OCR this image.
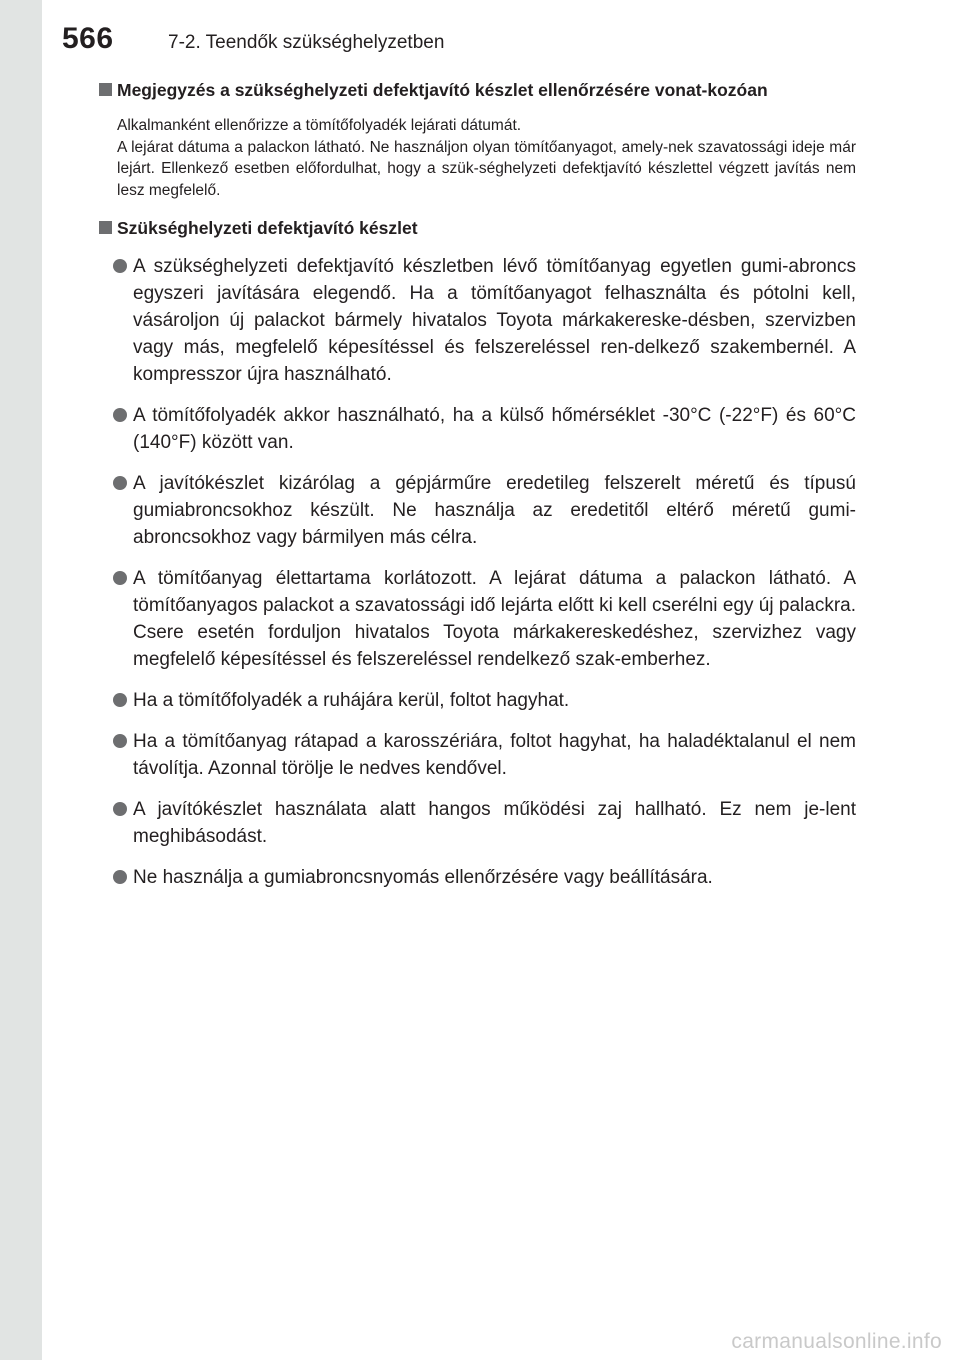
566	7-2. Teendők szükséghelyzetben
Megjegyzés a szükséghelyzeti defektjavító készlet ellenőrzésére vonat-kozóan

Alkalmanként ellenőrizze a tömítőfolyadék lejárati dátumát.

A lejárat dátuma a palackon látható. Ne használjon olyan tömítőanyagot, amely-nek szavatossági ideje már lejárt. Ellenkező esetben előfordulhat, hogy a szük-séghelyzeti defektjavító készlettel végzett javítás nem lesz megfelelő.

Szükséghelyzeti defektjavító készlet
A szükséghelyzeti defektjavító készletben lévő tömítőanyag egyetlen gumi-abroncs egyszeri javítására elegendő. Ha a tömítőanyagot felhasználta és pótolni kell, vásároljon új palackot bármely hivatalos Toyota márkakereske-désben, szervizben vagy más, megfelelő képesítéssel és felszereléssel ren-delkező szakembernél. A kompresszor újra használható.
A tömítőfolyadék akkor használható, ha a külső hőmérséklet -30°C (-22°F) és 60°C (140°F) között van.
A javítókészlet kizárólag a gépjárműre eredetileg felszerelt méretű és típusú gumiabroncsokhoz készült. Ne használja az eredetitől eltérő méretű gumi-abroncsokhoz vagy bármilyen más célra.
A tömítőanyag élettartama korlátozott. A lejárat dátuma a palackon látható. A tömítőanyagos palackot a szavatossági idő lejárta előtt ki kell cserélni egy új palackra. Csere esetén forduljon hivatalos Toyota márkakereskedéshez, szervizhez vagy megfelelő képesítéssel és felszereléssel rendelkező szak-emberhez.
Ha a tömítőfolyadék a ruhájára kerül, foltot hagyhat.
Ha a tömítőanyag rátapad a karosszériára, foltot hagyhat, ha haladéktalanul el nem távolítja. Azonnal törölje le nedves kendővel.
A javítókészlet használata alatt hangos működési zaj hallható. Ez nem je-lent meghibásodást.
Ne használja a gumiabroncsnyomás ellenőrzésére vagy beállítására.
carmanualsonline.info
